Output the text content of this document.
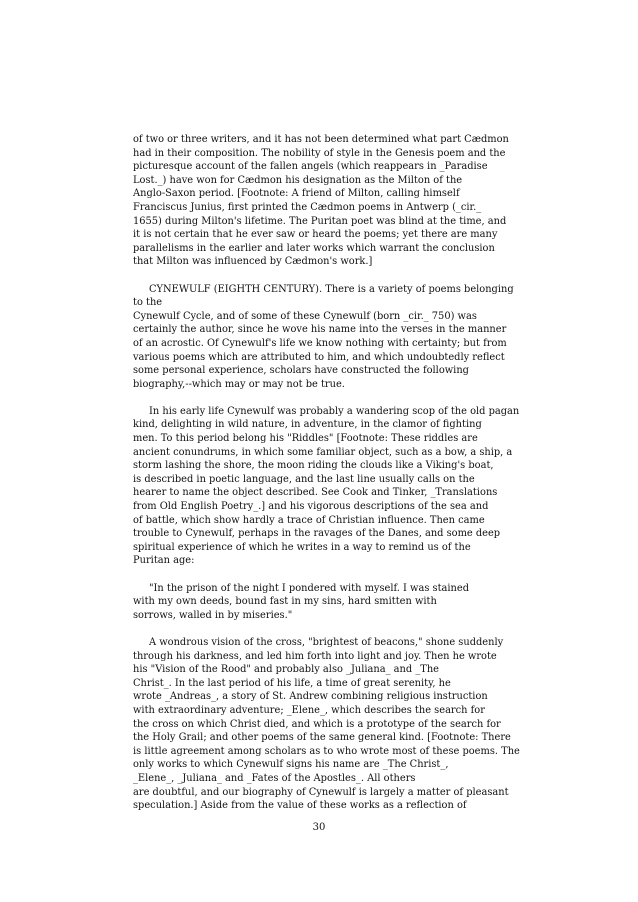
of two or three writers, and it has not been determined what part Cædmon
had in their composition. The nobility of style in the Genesis poem and the
picturesque account of the fallen angels (which reappears in _Paradise
Lost._) have won for Cædmon his designation as the Milton of the
Anglo-Saxon period. [Footnote: A friend of Milton, calling himself
Franciscus Junius, first printed the Cædmon poems in Antwerp (_cir._
1655) during Milton's lifetime. The Puritan poet was blind at the time, and
it is not certain that he ever saw or heard the poems; yet there are many
parallelisms in the earlier and later works which warrant the conclusion
that Milton was influenced by Cædmon's work.]
CYNEWULF (EIGHTH CENTURY). There is a variety of poems belonging
to the
Cynewulf Cycle, and of some of these Cynewulf (born _cir._ 750) was
certainly the author, since he wove his name into the verses in the manner
of an acrostic. Of Cynewulf's life we know nothing with certainty; but from
various poems which are attributed to him, and which undoubtedly reflect
some personal experience, scholars have constructed the following
biography,--which may or may not be true.
In his early life Cynewulf was probably a wandering scop of the old pagan
kind, delighting in wild nature, in adventure, in the clamor of fighting
men. To this period belong his "Riddles" [Footnote: These riddles are
ancient conundrums, in which some familiar object, such as a bow, a ship, a
storm lashing the shore, the moon riding the clouds like a Viking's boat,
is described in poetic language, and the last line usually calls on the
hearer to name the object described. See Cook and Tinker, _Translations
from Old English Poetry_.] and his vigorous descriptions of the sea and
of battle, which show hardly a trace of Christian influence. Then came
trouble to Cynewulf, perhaps in the ravages of the Danes, and some deep
spiritual experience of which he writes in a way to remind us of the
Puritan age:
"In the prison of the night I pondered with myself. I was stained
with my own deeds, bound fast in my sins, hard smitten with
sorrows, walled in by miseries."
A wondrous vision of the cross, "brightest of beacons," shone suddenly
through his darkness, and led him forth into light and joy. Then he wrote
his "Vision of the Rood" and probably also _Juliana_ and _The
Christ_. In the last period of his life, a time of great serenity, he
wrote _Andreas_, a story of St. Andrew combining religious instruction
with extraordinary adventure; _Elene_, which describes the search for
the cross on which Christ died, and which is a prototype of the search for
the Holy Grail; and other poems of the same general kind. [Footnote: There
is little agreement among scholars as to who wrote most of these poems. The
only works to which Cynewulf signs his name are _The Christ_,
_Elene_, _Juliana_ and _Fates of the Apostles_. All others
are doubtful, and our biography of Cynewulf is largely a matter of pleasant
speculation.] Aside from the value of these works as a reflection of
30
